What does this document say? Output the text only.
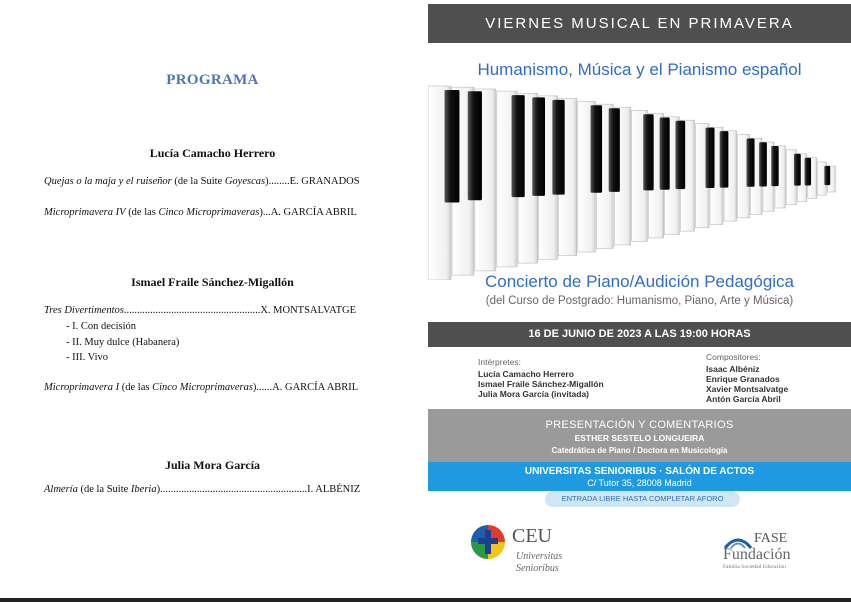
PROGRAMA
Lucía Camacho Herrero
Quejas o la maja y el ruiseñor (de la Suite Goyescas)........E. GRANADOS
Microprimavera IV (de las Cinco Microprimaveras)...A. GARCÍA ABRIL
Ismael Fraile Sánchez-Migallón
Tres Divertimentos....................................................X. MONTSALVATGE
- I. Con decisión
- II. Muy dulce (Habanera)
- III. Vivo
Microprimavera I (de las Cinco Microprimaveras)......A. GARCÍA ABRIL
Julia Mora García
Almería (de la Suite Iberia)........................................................I. ALBÉNIZ
VIERNES MUSICAL EN PRIMAVERA
Humanismo, Música y el Pianismo español
Concierto de Piano/Audición Pedagógica
(del Curso de Postgrado: Humanismo, Piano, Arte y Música)
16 DE JUNIO DE 2023 A LAS 19:00 HORAS
Intérpretes:
Lucía Camacho Herrero
Ismael Fraile Sánchez-Migallón
Julia Mora García (invitada)
Compositores:
Isaac Albéniz
Enrique Granados
Xavier Montsalvatge
Antón García Abril
PRESENTACIÓN Y COMENTARIOS
ESTHER SESTELO LONGUEIRA
Catedrática de Piano / Doctora en Musicología
UNIVERSITAS SENIORIBUS · SALÓN DE ACTOS
C/ Tutor 35, 28008 Madrid
ENTRADA LIBRE HASTA COMPLETAR AFORO
CEU
Universitas
Senioribus
FASE
Fundación
Familia Sociedad Educación
